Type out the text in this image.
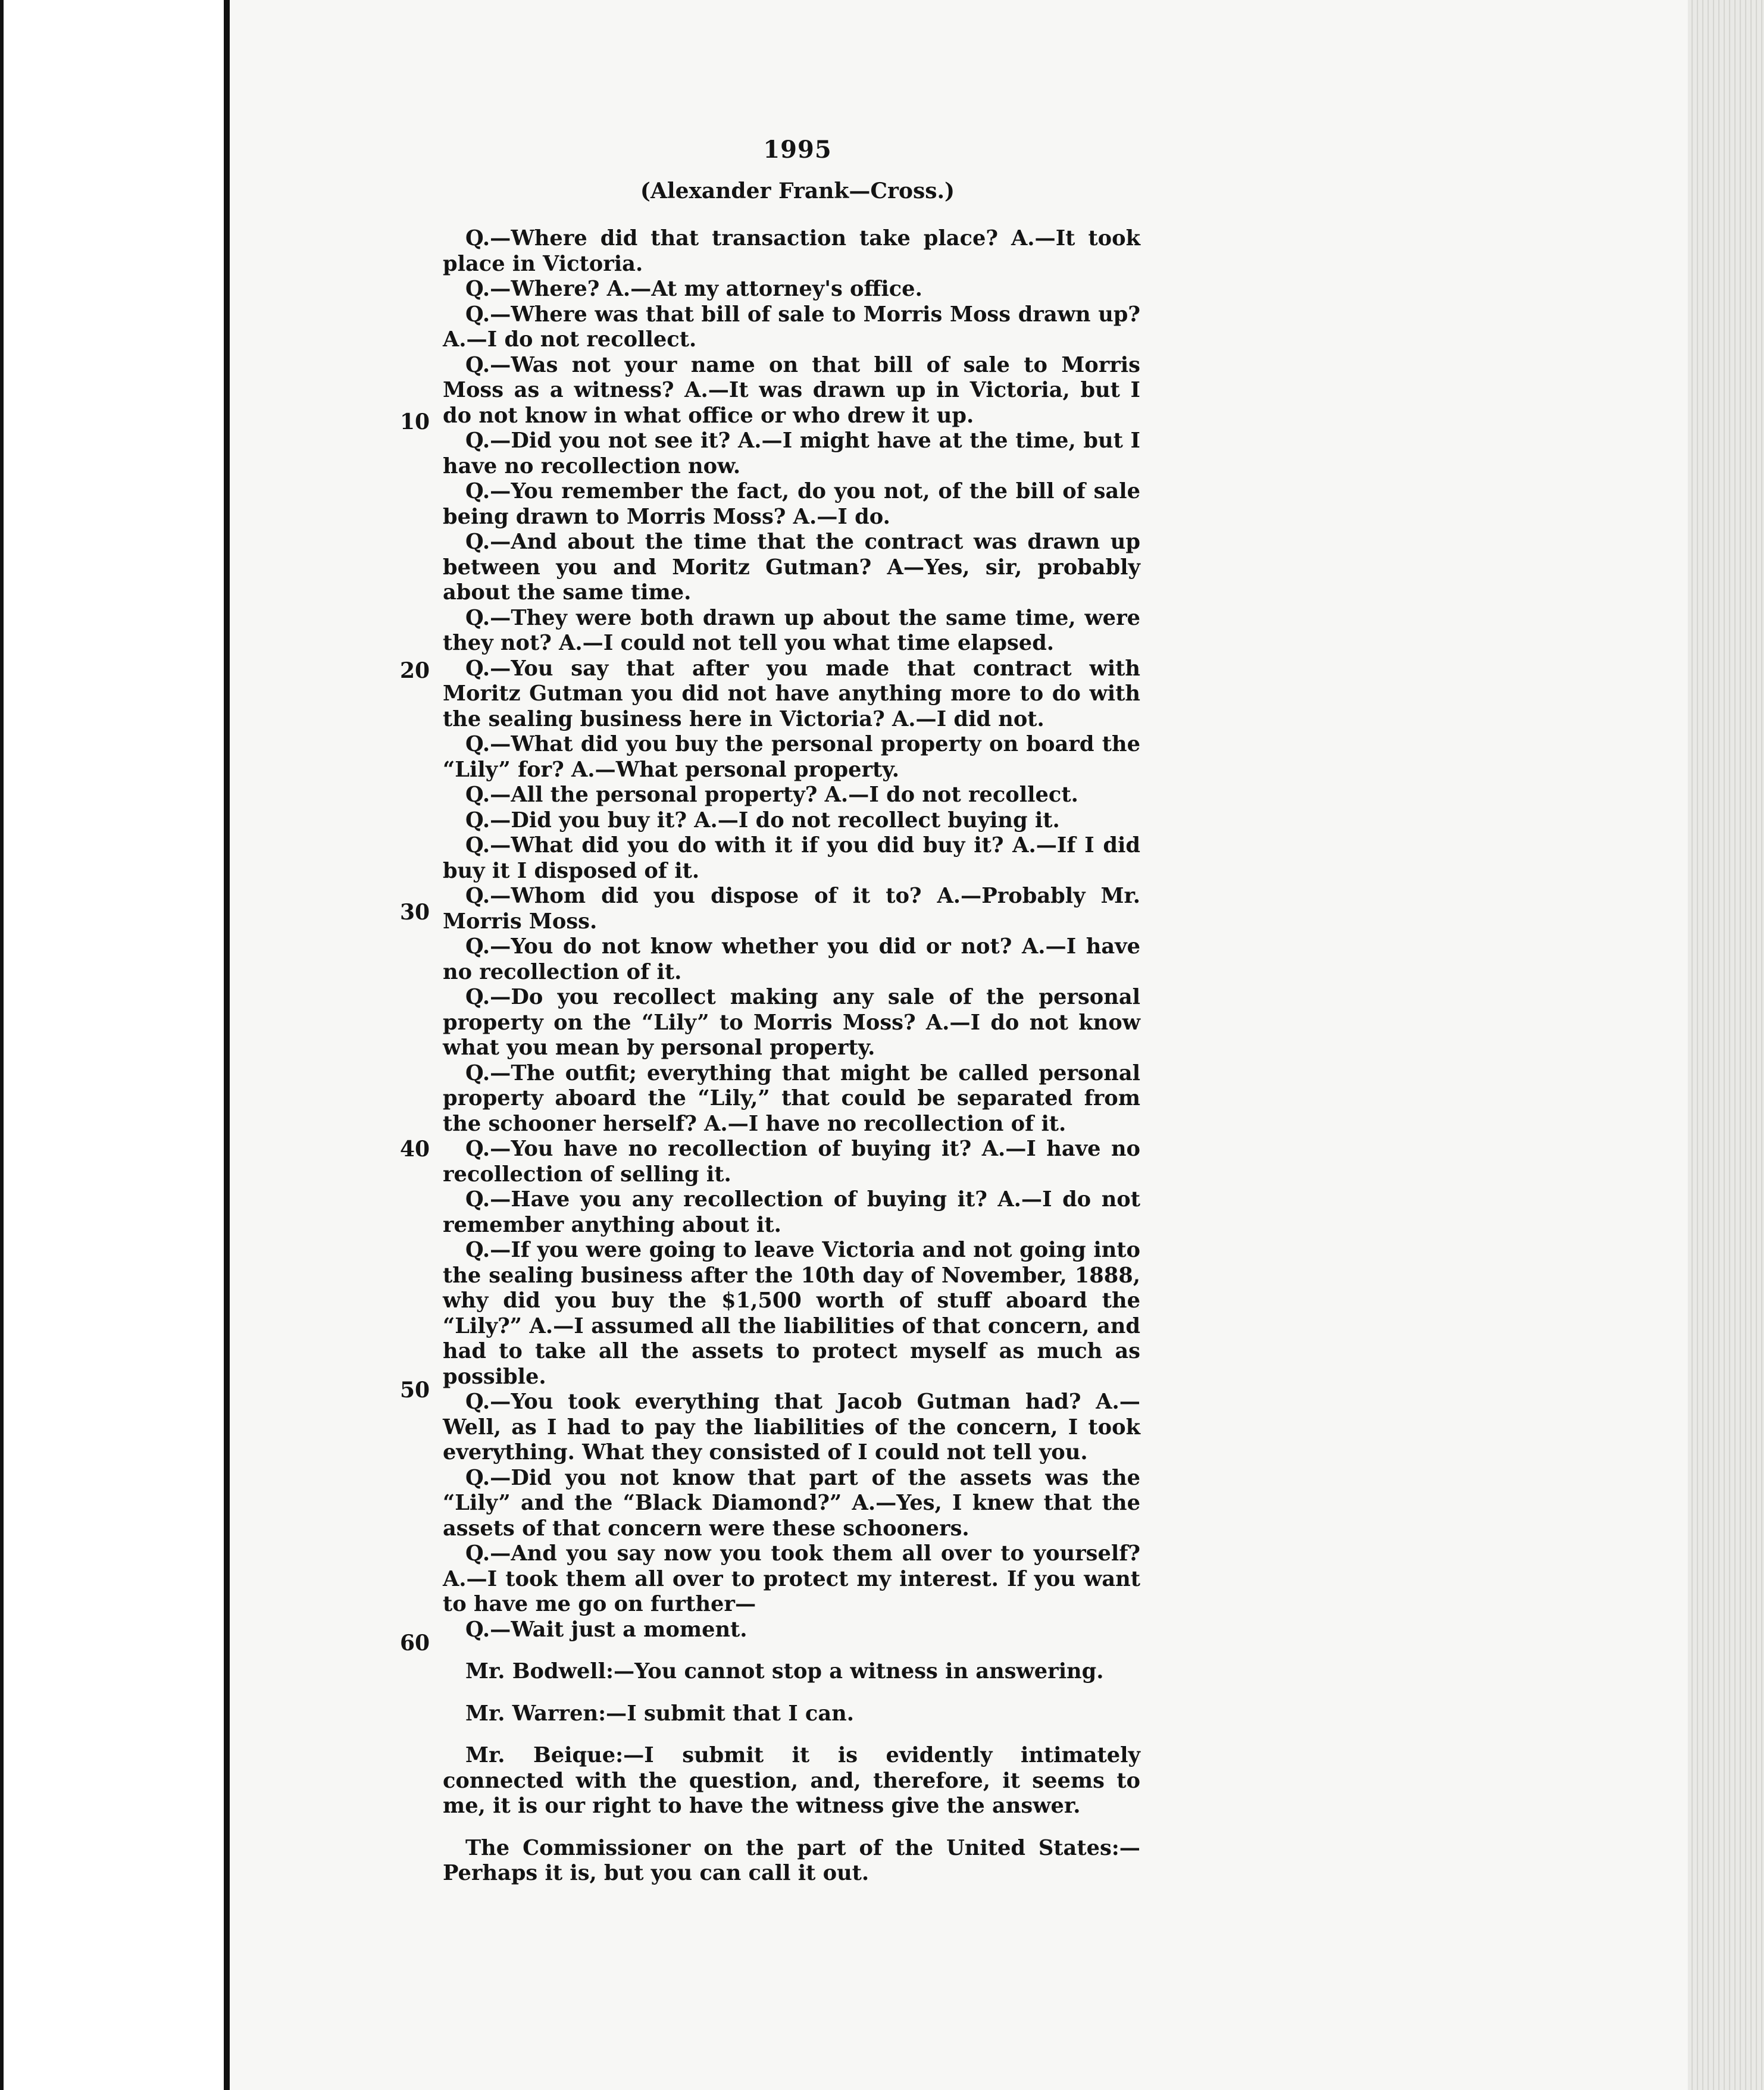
1995
(Alexander Frank—Cross.)
10
20
30
40
50
60

Q.—Where did that transaction take place? A.—It took place in Victoria.

Q.—Where? A.—At my attorney's office.

Q.—Where was that bill of sale to Morris Moss drawn up? A.—I do not recollect.

Q.—Was not your name on that bill of sale to Morris Moss as a witness? A.—It was drawn up in Victoria, but I do not know in what office or who drew it up.

Q.—Did you not see it? A.—I might have at the time, but I have no recollection now.

Q.—You remember the fact, do you not, of the bill of sale being drawn to Morris Moss? A.—I do.

Q.—And about the time that the contract was drawn up between you and Moritz Gutman? A—Yes, sir, probably about the same time.

Q.—They were both drawn up about the same time, were they not? A.—I could not tell you what time elapsed.

Q.—You say that after you made that contract with Moritz Gutman you did not have anything more to do with the sealing business here in Victoria? A.—I did not.

Q.—What did you buy the personal property on board the “Lily” for? A.—What personal property.

Q.—All the personal property? A.—I do not recollect.

Q.—Did you buy it? A.—I do not recollect buying it.

Q.—What did you do with it if you did buy it? A.—If I did buy it I disposed of it.

Q.—Whom did you dispose of it to? A.—Probably Mr. Morris Moss.

Q.—You do not know whether you did or not? A.—I have no recollection of it.

Q.—Do you recollect making any sale of the personal property on the “Lily” to Morris Moss? A.—I do not know what you mean by personal property.

Q.—The outfit; everything that might be called personal property aboard the “Lily,” that could be separated from the schooner herself? A.—I have no recollection of it.

Q.—You have no recollection of buying it? A.—I have no recollection of selling it.

Q.—Have you any recollection of buying it? A.—I do not remember anything about it.

Q.—If you were going to leave Victoria and not going into the sealing business after the 10th day of November, 1888, why did you buy the $1,500 worth of stuff aboard the “Lily?” A.—I assumed all the liabilities of that concern, and had to take all the assets to protect myself as much as possible.

Q.—You took everything that Jacob Gutman had? A.—Well, as I had to pay the liabilities of the concern, I took everything. What they consisted of I could not tell you.

Q.—Did you not know that part of the assets was the “Lily” and the “Black Diamond?” A.—Yes, I knew that the assets of that concern were these schooners.

Q.—And you say now you took them all over to yourself? A.—I took them all over to protect my interest. If you want to have me go on further—

Q.—Wait just a moment.

Mr. Bodwell:—You cannot stop a witness in answering.

Mr. Warren:—I submit that I can.

Mr. Beique:—I submit it is evidently intimately connected with the question, and, therefore, it seems to me, it is our right to have the witness give the answer.

The Commissioner on the part of the United States:—Perhaps it is, but you can call it out.
